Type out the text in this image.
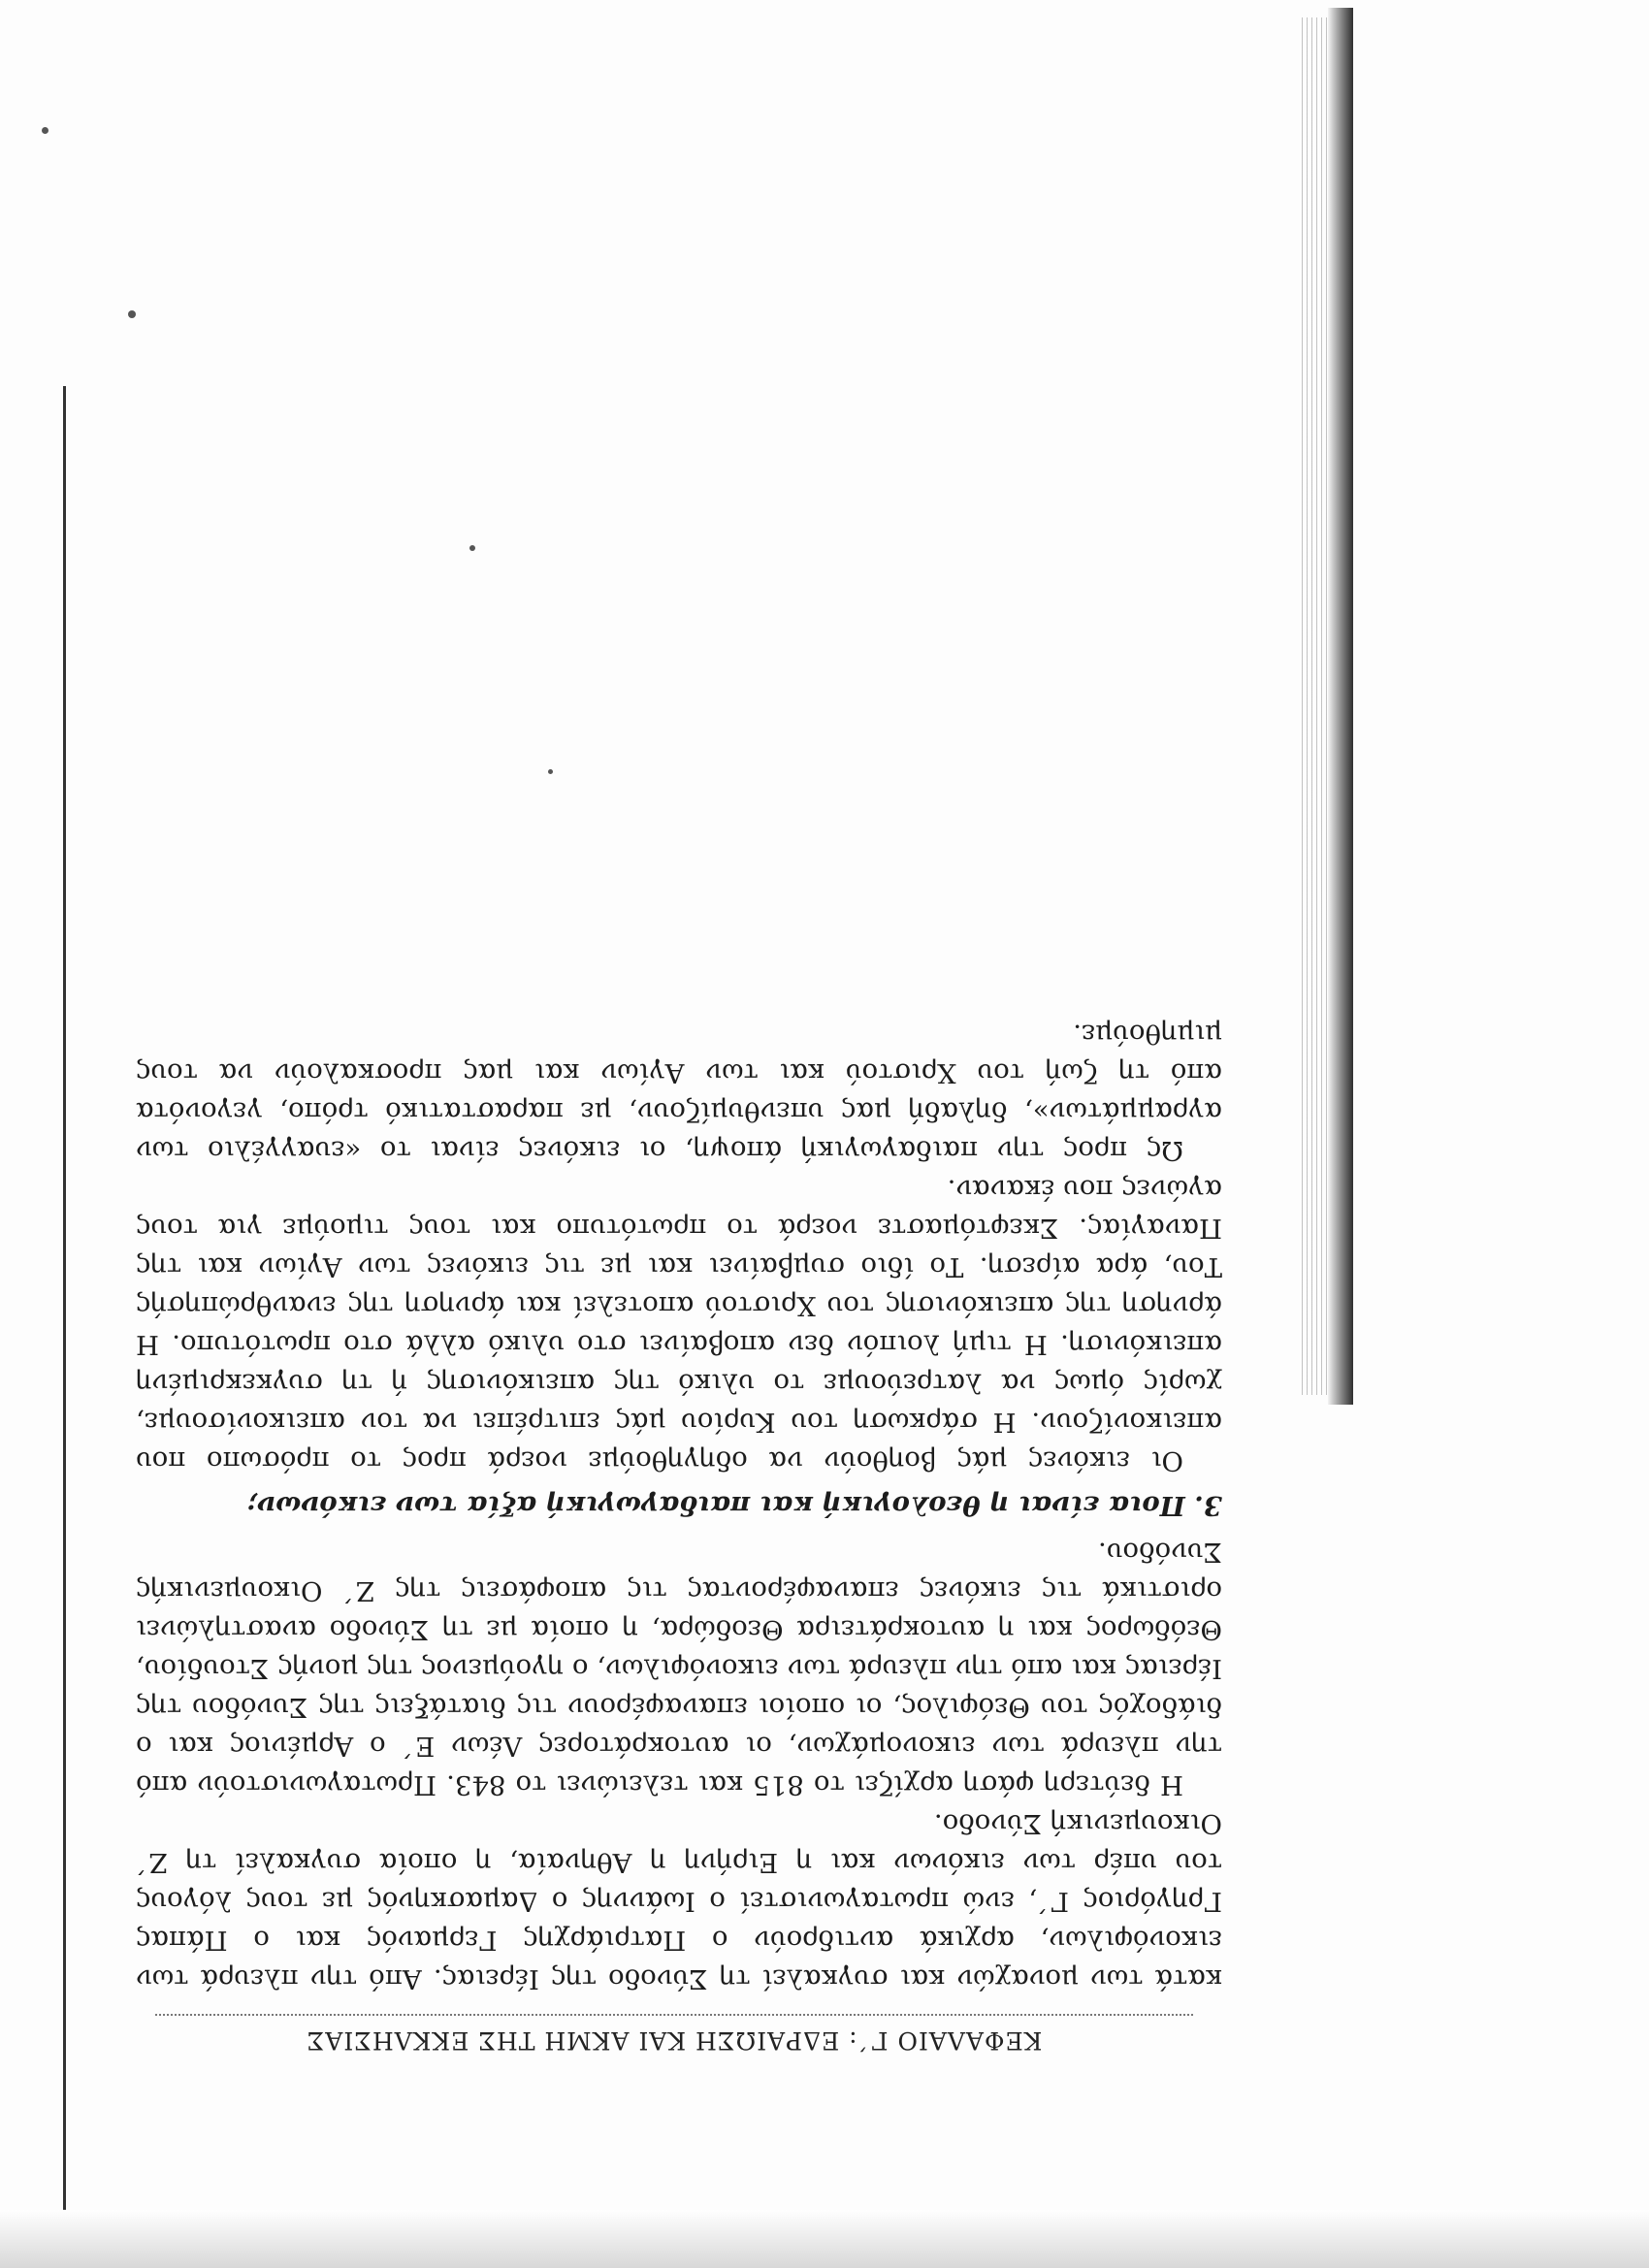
ΚΕΦΑΛΑΙΟ Γ΄: ΕΔΡΑΙΩΣΗ ΚΑΙ ΑΚΜΗ ΤΗΣ ΕΚΚΛΗΣΙΑΣ

κατά των μοναχών και συγκαλεί τη Σύνοδο της Ιέρειας. Από την πλευρά των εικονόφιλων, αρχικά αντιδρούν ο Πατριάρχης Γερμανός και ο Πάπας Γρηγόριος Γ΄, ενώ πρωταγωνιστεί ο Ιωάννης ο Δαμασκηνός με τους λόγους του υπέρ των εικόνων και η Ειρήνη η Αθηναία, η οποία συγκαλεί τη Ζ΄ Οικουμενική Σύνοδο.

Η δεύτερη φάση αρχίζει το 815 και τελειώνει το 843. Πρωταγωνιστούν από την πλευρά των εικονομάχων, οι αυτοκράτορες Λέων Ε΄ ο Αρμένιος και ο διάδοχός του Θεόφιλος, οι οποίοι επαναφέρουν τις διατάξεις της Συνόδου της Ιέρειας και από την πλευρά των εικονόφιλων, ο ηγούμενος της μονής Στουδίου, Θεόδωρος και η αυτοκράτειρα Θεοδώρα, η οποία με τη Σύνοδο αναστηλώνει οριστικά τις εικόνες επαναφέροντας τις αποφάσεις της Ζ΄ Οικουμενικής Συνόδου.

3. Ποια είναι η θεολογική και παιδαγωγική αξία των εικόνων;

Οι εικόνες μάς βοηθούν να οδηγηθούμε νοερά προς το πρόσωπο που απεικονίζουν. Η σάρκωση του Κυρίου μάς επιτρέπει να τον απεικονίσουμε, χωρίς όμως να λατρεύουμε το υλικό της απεικόνισης ή τη συγκεκριμένη απεικόνιση. Η τιμή λοιπόν δεν αποβαίνει στο υλικό αλλά στο πρωτότυπο. Η άρνηση της απεικόνισης του Χριστού αποτελεί και άρνηση της ενανθρώπησής Του, άρα αίρεση. Το ίδιο συμβαίνει και με τις εικόνες των Αγίων και της Παναγίας. Σκεφτόμαστε νοερά το πρωτότυπο και τους τιμούμε για τους αγώνες που έκαναν.

Ως προς την παιδαγωγική άποψη, οι εικόνες είναι το «ευαγγέλιο των αγραμμάτων», δηλαδή μας υπενθυμίζουν, με παραστατικό τρόπο, γεγονότα από τη ζωή του Χριστού και των Αγίων και μας προσκαλούν να τους μιμηθούμε.
